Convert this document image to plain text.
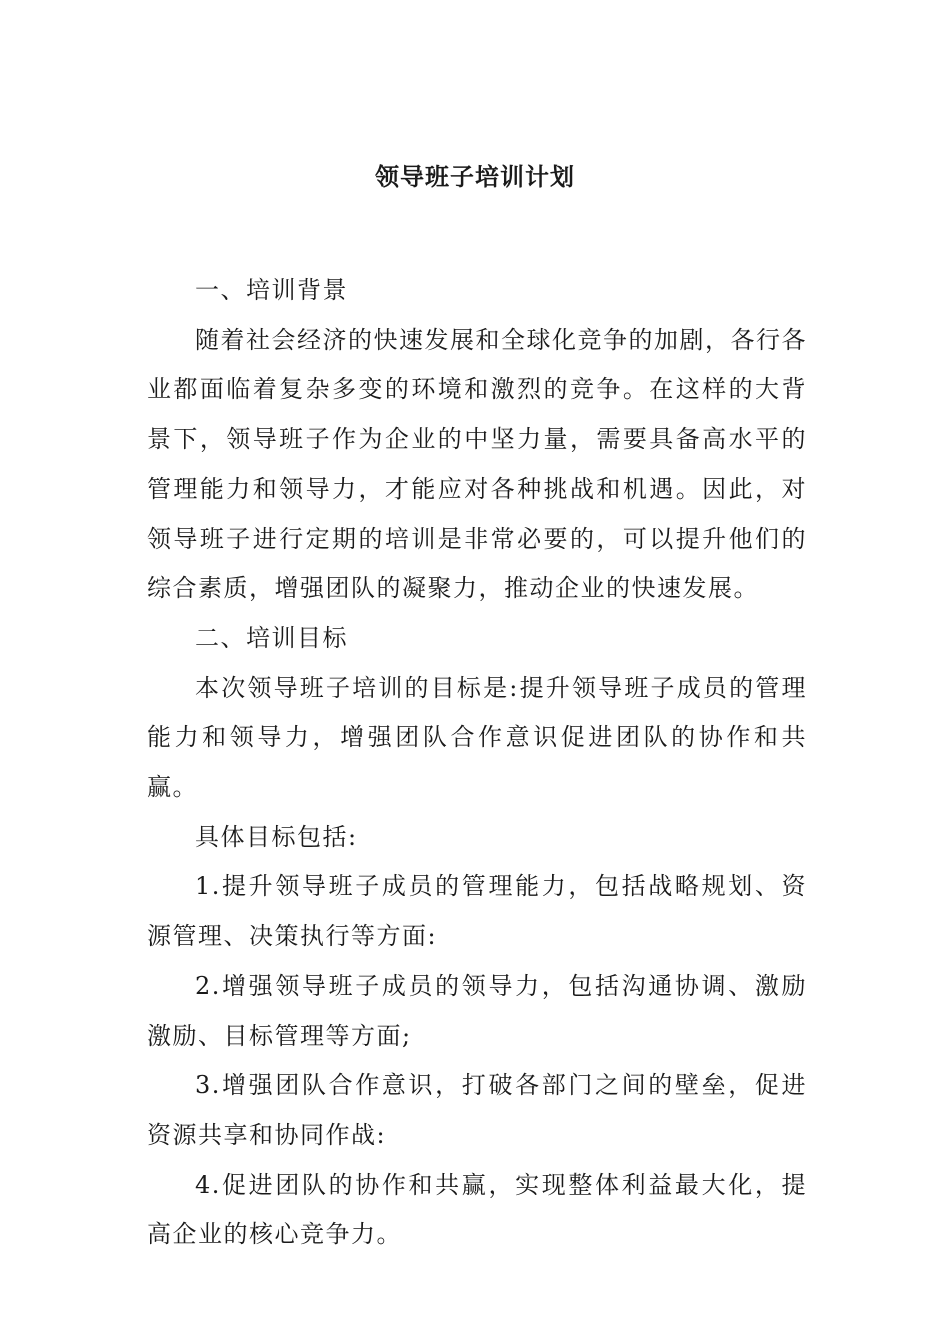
领导班子培训计划

一、培训背景

随着社会经济的快速发展和全球化竞争的加剧，各行各业都面临着复杂多变的环境和激烈的竞争。在这样的大背景下，领导班子作为企业的中坚力量，需要具备高水平的管理能力和领导力，才能应对各种挑战和机遇。因此，对领导班子进行定期的培训是非常必要的，可以提升他们的综合素质，增强团队的凝聚力，推动企业的快速发展。

二、培训目标

本次领导班子培训的目标是:提升领导班子成员的管理能力和领导力，增强团队合作意识促进团队的协作和共赢。

具体目标包括:

1.提升领导班子成员的管理能力，包括战略规划、资源管理、决策执行等方面:

2.增强领导班子成员的领导力，包括沟通协调、激励激励、目标管理等方面;

3.增强团队合作意识，打破各部门之间的壁垒，促进资源共享和协同作战:

4.促进团队的协作和共赢，实现整体利益最大化，提高企业的核心竞争力。
